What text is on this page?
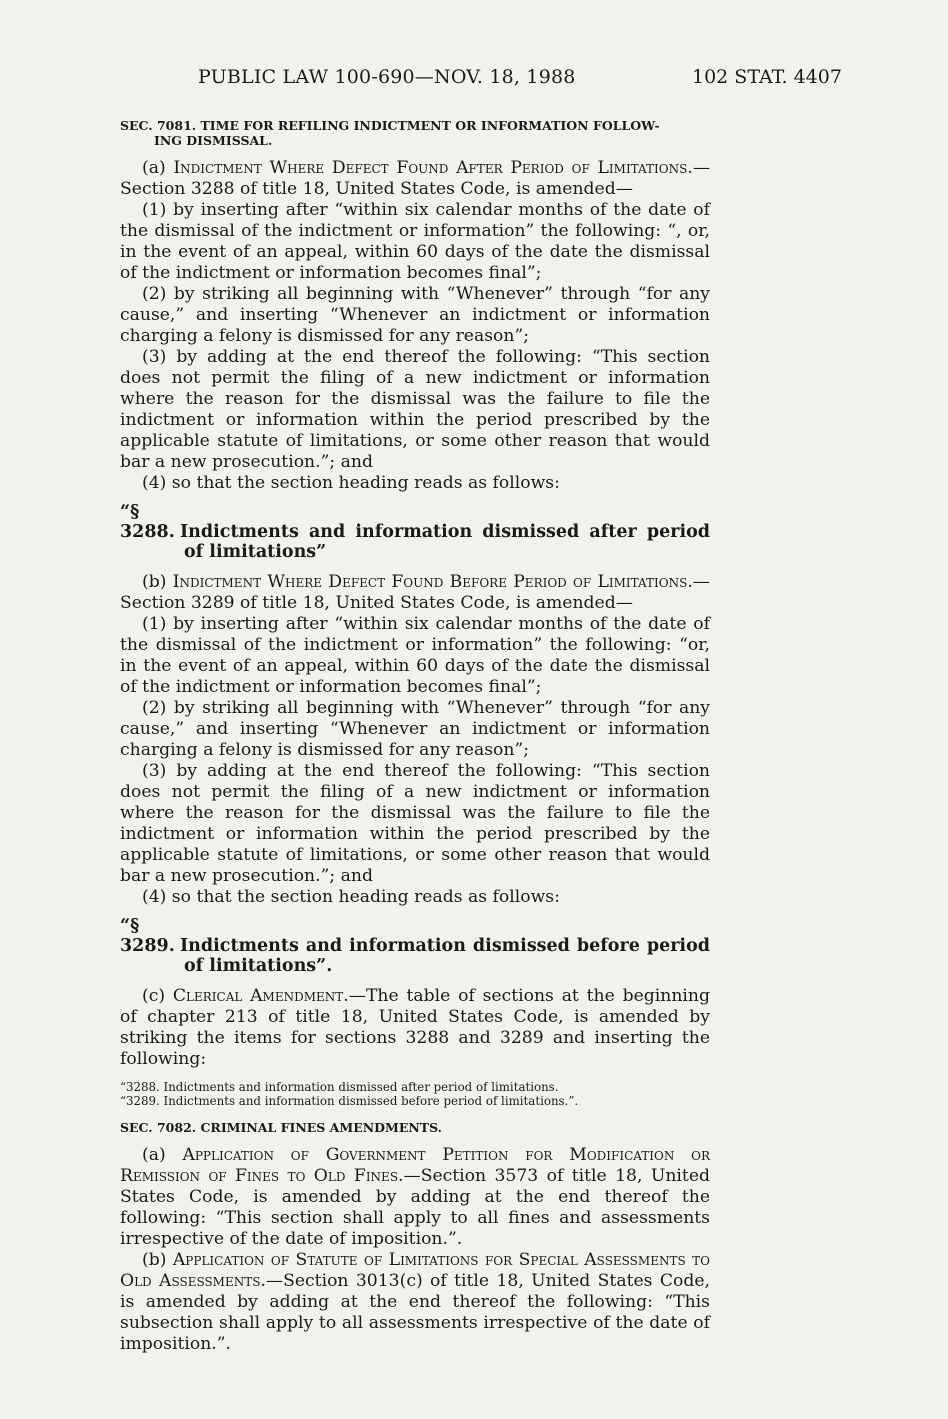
PUBLIC LAW 100-690—NOV. 18, 1988	102 STAT. 4407
SEC. 7081. TIME FOR REFILING INDICTMENT OR INFORMATION FOLLOW-
ING DISMISSAL.

(a) Indictment Where Defect Found After Period of Limitations.—Section 3288 of title 18, United States Code, is amended—

(1) by inserting after “within six calendar months of the date of the dismissal of the indictment or information” the following: “, or, in the event of an appeal, within 60 days of the date the dismissal of the indictment or information becomes final”;

(2) by striking all beginning with “Whenever” through “for any cause,” and inserting “Whenever an indictment or information charging a felony is dismissed for any reason”;

(3) by adding at the end thereof the following: “This section does not permit the filing of a new indictment or information where the reason for the dismissal was the failure to file the indictment or information within the period prescribed by the applicable statute of limitations, or some other reason that would bar a new prosecution.”; and

(4) so that the section heading reads as follows:

“§ 3288. Indictments and information dismissed after period of limitations”

(b) Indictment Where Defect Found Before Period of Limitations.—Section 3289 of title 18, United States Code, is amended—

(1) by inserting after “within six calendar months of the date of the dismissal of the indictment or information” the following: “or, in the event of an appeal, within 60 days of the date the dismissal of the indictment or information becomes final”;

(2) by striking all beginning with “Whenever” through “for any cause,” and inserting “Whenever an indictment or information charging a felony is dismissed for any reason”;

(3) by adding at the end thereof the following: “This section does not permit the filing of a new indictment or information where the reason for the dismissal was the failure to file the indictment or information within the period prescribed by the applicable statute of limitations, or some other reason that would bar a new prosecution.”; and

(4) so that the section heading reads as follows:

“§ 3289. Indictments and information dismissed before period of limitations”.

(c) Clerical Amendment.—The table of sections at the beginning of chapter 213 of title 18, United States Code, is amended by striking the items for sections 3288 and 3289 and inserting the following:

“3288. Indictments and information dismissed after period of limitations.
“3289. Indictments and information dismissed before period of limitations.”.
SEC. 7082. CRIMINAL FINES AMENDMENTS.

(a) Application of Government Petition for Modification or Remission of Fines to Old Fines.—Section 3573 of title 18, United States Code, is amended by adding at the end thereof the following: “This section shall apply to all fines and assessments irrespective of the date of imposition.”.

(b) Application of Statute of Limitations for Special Assessments to Old Assessments.—Section 3013(c) of title 18, United States Code, is amended by adding at the end thereof the following: “This subsection shall apply to all assessments irrespective of the date of imposition.”.
